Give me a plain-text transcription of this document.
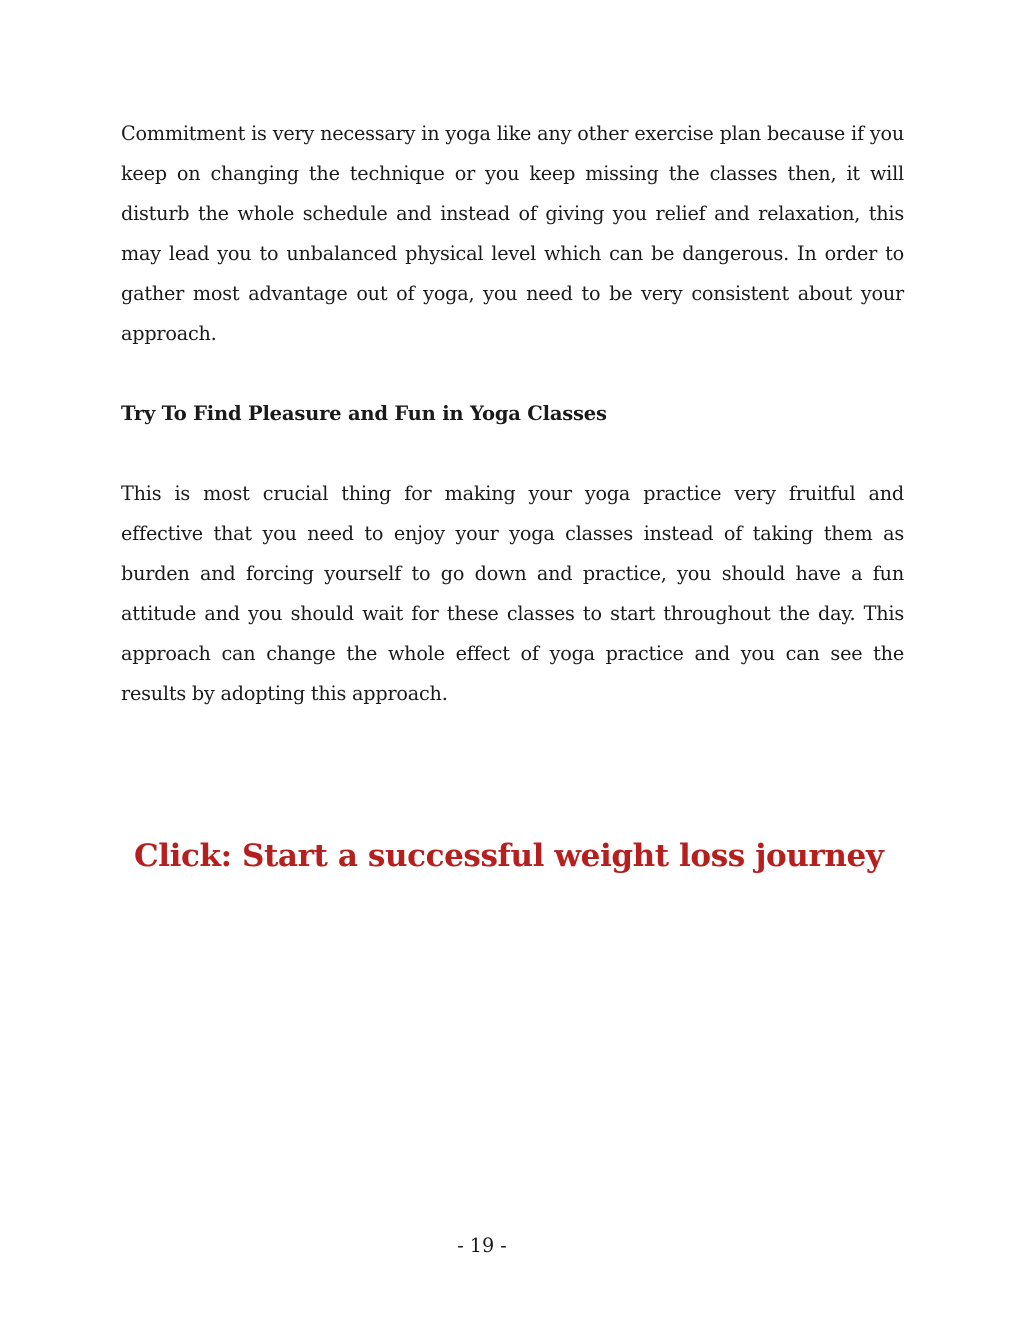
Commitment is very necessary in yoga like any other exercise plan because if you keep on changing the technique or you keep missing the classes then, it will disturb the whole schedule and instead of giving you relief and relaxation, this may lead you to unbalanced physical level which can be dangerous. In order to gather most advantage out of yoga, you need to be very consistent about your approach.

Try To Find Pleasure and Fun in Yoga Classes

This is most crucial thing for making your yoga practice very fruitful and effective that you need to enjoy your yoga classes instead of taking them as burden and forcing yourself to go down and practice, you should have a fun attitude and you should wait for these classes to start throughout the day. This approach can change the whole effect of yoga practice and you can see the results by adopting this approach.

Click: Start a successful weight loss journey
- 19 -
